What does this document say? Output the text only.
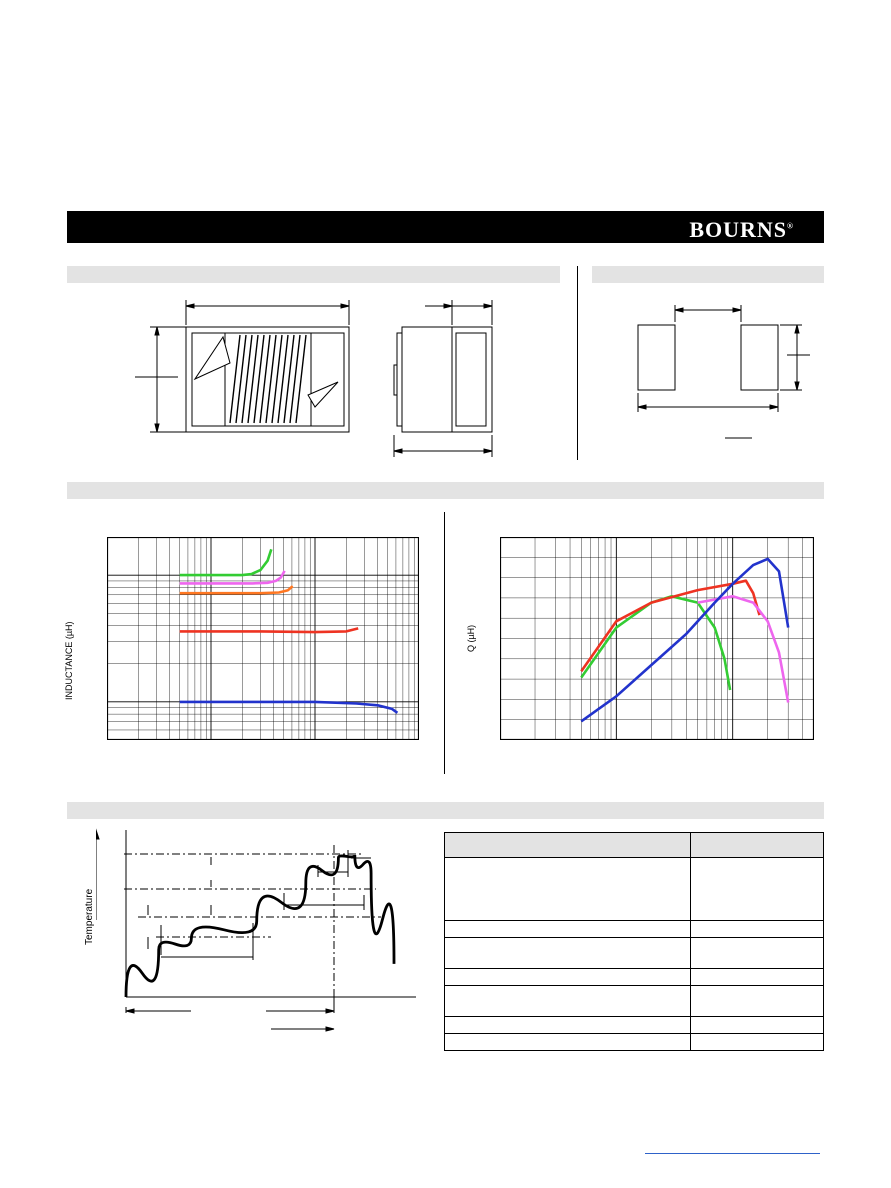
BOURNS®
INDUCTANCE (µH)	Q (µH)
Temperature
